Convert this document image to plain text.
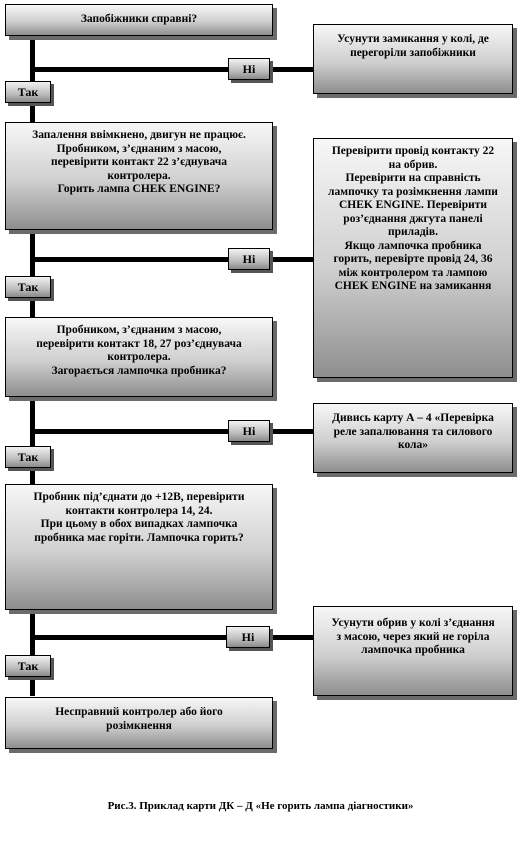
Запобіжники справні?
Запалення ввімкнено, двигун не працює.
Пробником, з’єднаним з масою,
перевірити контакт 22 з’єднувача
контролера.
Горить лампа CHEK ENGINE?
Пробником, з’єднаним з масою,
перевірити контакт 18, 27 роз’єднувача
контролера.
Загорається лампочка пробника?
Пробник під’єднати до +12В, перевірити
контакти контролера 14, 24.
При цьому в обох випадках лампочка
пробника має горіти. Лампочка горить?
Несправний контролер або його
розімкнення
Усунути замикання у колі, де
перегоріли запобіжники
Перевірити провід контакту 22
на обрив.
Перевірити на справність
лампочку та розімкнення лампи
CHEK ENGINE. Перевірити
роз’єднання джгута панелі
приладів.
Якщо лампочка пробника
горить, перевірте провід 24, 36
між контролером та лампою
CHEK ENGINE на замикання
Дивись карту А – 4 «Перевірка
реле запалювання та силового
кола»
Усунути обрив у колі з’єднання
з масою, через який не горіла
лампочка пробника
Ні
Ні
Ні
Ні
Так
Так
Так
Так
Рис.3. Приклад карти ДК – Д «Не горить лампа діагностики»
